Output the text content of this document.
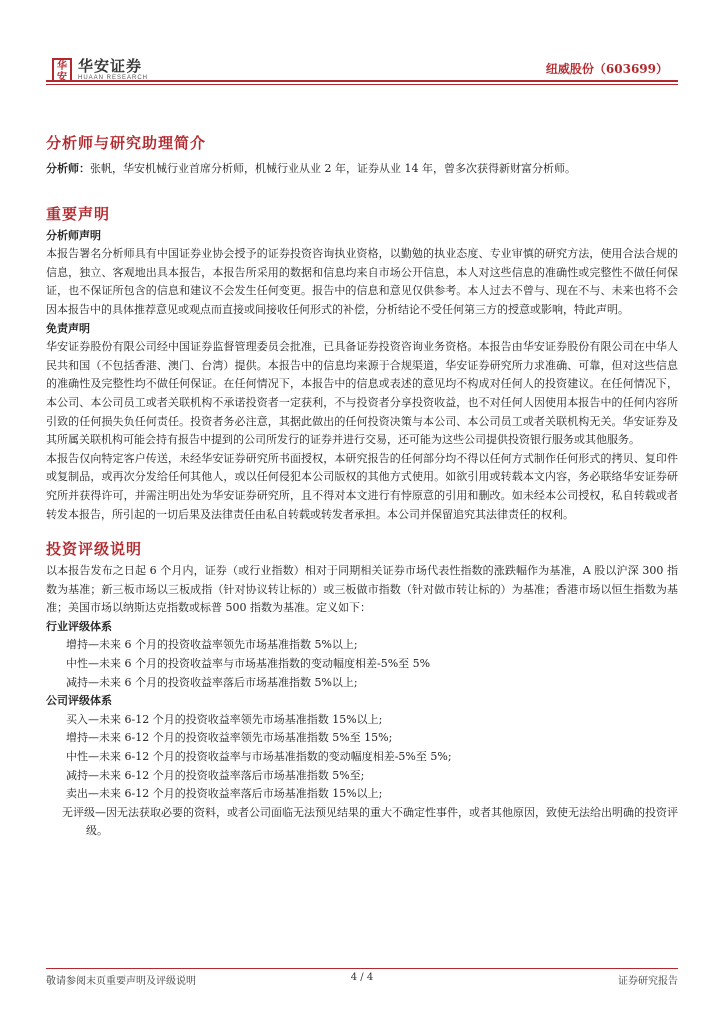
华安
华安证券
HUAAN RESEARCH
纽威股份（603699）
分析师与研究助理简介

分析师：张帆，华安机械行业首席分析师，机械行业从业 2 年，证券从业 14 年，曾多次获得新财富分析师。

重要声明

分析师声明

本报告署名分析师具有中国证券业协会授予的证券投资咨询执业资格，以勤勉的执业态度、专业审慎的研究方法，使用合法合规的信息，独立、客观地出具本报告，本报告所采用的数据和信息均来自市场公开信息，本人对这些信息的准确性或完整性不做任何保证，也不保证所包含的信息和建议不会发生任何变更。报告中的信息和意见仅供参考。本人过去不曾与、现在不与、未来也将不会因本报告中的具体推荐意见或观点而直接或间接收任何形式的补偿，分析结论不受任何第三方的授意或影响，特此声明。

免责声明

华安证券股份有限公司经中国证券监督管理委员会批准，已具备证券投资咨询业务资格。本报告由华安证券股份有限公司在中华人民共和国（不包括香港、澳门、台湾）提供。本报告中的信息均来源于合规渠道，华安证券研究所力求准确、可靠，但对这些信息的准确性及完整性均不做任何保证。在任何情况下，本报告中的信息或表述的意见均不构成对任何人的投资建议。在任何情况下，本公司、本公司员工或者关联机构不承诺投资者一定获利，不与投资者分享投资收益，也不对任何人因使用本报告中的任何内容所引致的任何损失负任何责任。投资者务必注意，其据此做出的任何投资决策与本公司、本公司员工或者关联机构无关。华安证券及其所属关联机构可能会持有报告中提到的公司所发行的证券并进行交易，还可能为这些公司提供投资银行服务或其他服务。

本报告仅向特定客户传送，未经华安证券研究所书面授权，本研究报告的任何部分均不得以任何方式制作任何形式的拷贝、复印件或复制品，或再次分发给任何其他人，或以任何侵犯本公司版权的其他方式使用。如欲引用或转载本文内容，务必联络华安证券研究所并获得许可，并需注明出处为华安证券研究所，且不得对本文进行有悖原意的引用和删改。如未经本公司授权，私自转载或者转发本报告，所引起的一切后果及法律责任由私自转载或转发者承担。本公司并保留追究其法律责任的权利。

投资评级说明

以本报告发布之日起 6 个月内，证券（或行业指数）相对于同期相关证券市场代表性指数的涨跌幅作为基准，A 股以沪深 300 指数为基准；新三板市场以三板成指（针对协议转让标的）或三板做市指数（针对做市转让标的）为基准；香港市场以恒生指数为基准；美国市场以纳斯达克指数或标普 500 指数为基准。定义如下：

行业评级体系

增持—未来 6 个月的投资收益率领先市场基准指数 5%以上;

中性—未来 6 个月的投资收益率与市场基准指数的变动幅度相差-5%至 5%

减持—未来 6 个月的投资收益率落后市场基准指数 5%以上;

公司评级体系

买入—未来 6-12 个月的投资收益率领先市场基准指数 15%以上;

增持—未来 6-12 个月的投资收益率领先市场基准指数 5%至 15%;

中性—未来 6-12 个月的投资收益率与市场基准指数的变动幅度相差-5%至 5%;

减持—未来 6-12 个月的投资收益率落后市场基准指数 5%至;

卖出—未来 6-12 个月的投资收益率落后市场基准指数 15%以上;

无评级—因无法获取必要的资料，或者公司面临无法预见结果的重大不确定性事件，或者其他原因，致使无法给出明确的投资评级。

敬请参阅末页重要声明及评级说明	4 / 4	证券研究报告
